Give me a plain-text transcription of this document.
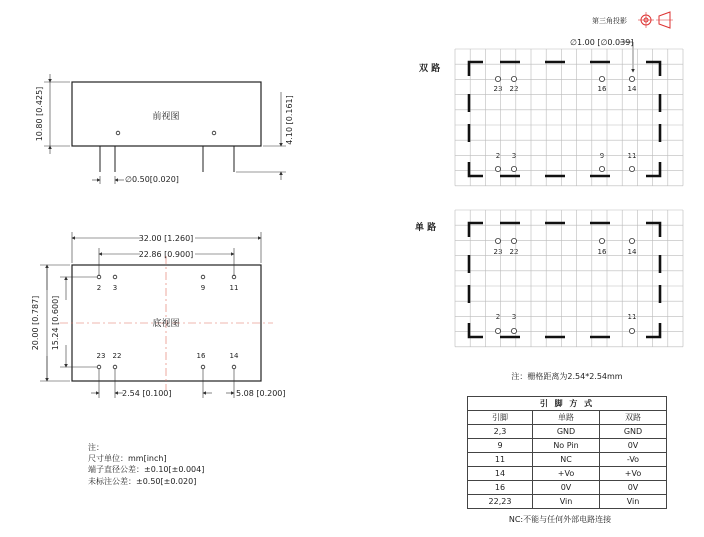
第三角投影
前视图
10.80 [0.425]	4.10 [0.161]
∅0.50[0.020]
底视图
2 3	9	11
23 22	16	14
32.00 [1.260]
22.86 [0.900]
20.00 [0.787] 15.24 [0.600]
2.54 [0.100]	5.08 [0.200]
注：
尺寸单位：mm[inch]
端子直径公差：±0.10[±0.004]
未标注公差：±0.50[±0.020]
双 路
∅1.00 [∅0.039]
23 22	16	14
2 3	9	11
单 路
23 22	16	14
2 3	11
注：栅格距离为2.54*2.54mm
NC:不能与任何外部电路连接
引 脚 方 式		
引脚	单路	双路
2,3	GND	GND
9	No Pin	0V
11	NC	-Vo
14	+Vo	+Vo
16	0V	0V
22,23	Vin	Vin
